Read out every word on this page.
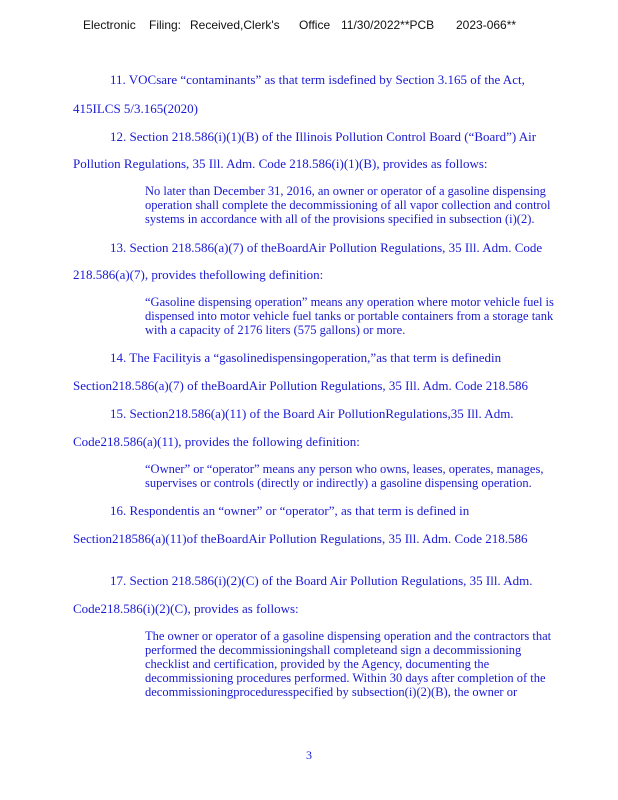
Electronic Filing: Received,Clerk's Office 11/30/2022**PCB 2023-066**
11. VOCsare “contaminants” as that term isdefined by Section 3.165 of the Act,
415ILCS 5/3.165(2020)
12. Section 218.586(i)(1)(B) of the Illinois Pollution Control Board (“Board”) Air
Pollution Regulations, 35 Ill. Adm. Code 218.586(i)(1)(B), provides as follows:
No later than December 31, 2016, an owner or operator of a gasoline dispensing
operation shall complete the decommissioning of all vapor collection and control
systems in accordance with all of the provisions specified in subsection (i)(2).
13. Section 218.586(a)(7) of theBoardAir Pollution Regulations, 35 Ill. Adm. Code
218.586(a)(7), provides thefollowing definition:
“Gasoline dispensing operation” means any operation where motor vehicle fuel is
dispensed into motor vehicle fuel tanks or portable containers from a storage tank
with a capacity of 2176 liters (575 gallons) or more.
14. The Facilityis a “gasolinedispensingoperation,”as that term is definedin
Section218.586(a)(7) of theBoardAir Pollution Regulations, 35 Ill. Adm. Code 218.586
15. Section218.586(a)(11) of the Board Air PollutionRegulations,35 Ill. Adm.
Code218.586(a)(11), provides the following definition:
“Owner” or “operator” means any person who owns, leases, operates, manages,
supervises or controls (directly or indirectly) a gasoline dispensing operation.
16. Respondentis an “owner” or “operator”, as that term is defined in
Section218586(a)(11)of theBoardAir Pollution Regulations, 35 Ill. Adm. Code 218.586
17. Section 218.586(i)(2)(C) of the Board Air Pollution Regulations, 35 Ill. Adm.
Code218.586(i)(2)(C), provides as follows:
The owner or operator of a gasoline dispensing operation and the contractors that
performed the decommissioningshall completeand sign a decommissioning
checklist and certification, provided by the Agency, documenting the
decommissioning procedures performed. Within 30 days after completion of the
decommissioningproceduresspecified by subsection(i)(2)(B), the owner or
3
